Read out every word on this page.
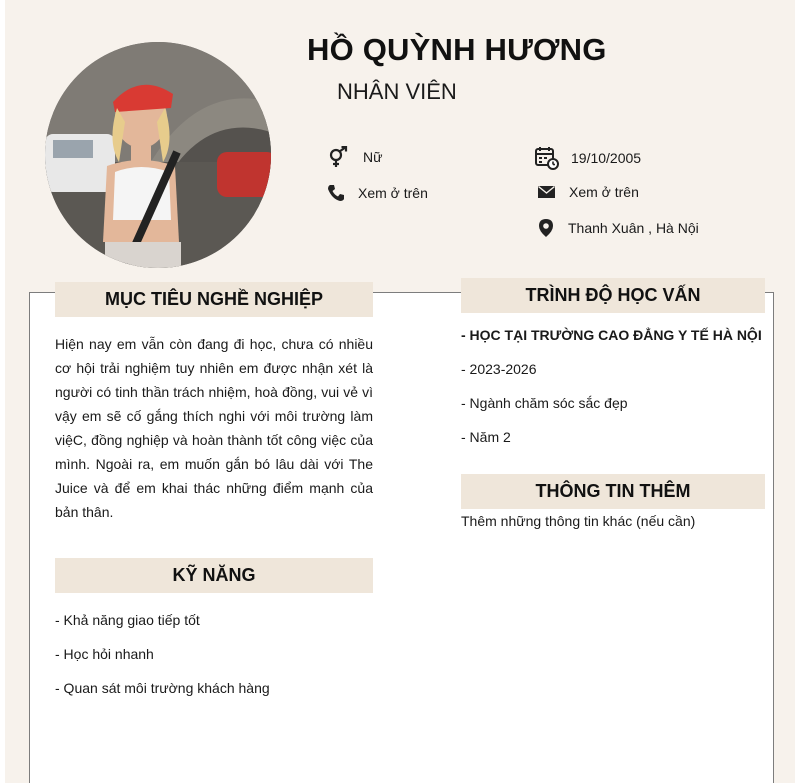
HỒ QUỲNH HƯƠNG
NHÂN VIÊN
Nữ	19/10/2005
Xem ở trên	Xem ở trên
Thanh Xuân , Hà Nội
MỤC TIÊU NGHỀ NGHIỆP
Hiện nay em vẫn còn đang đi học, chưa có nhiều cơ hội trải nghiệm tuy nhiên em được nhận xét là người có tinh thần trách nhiệm, hoà đồng, vui vẻ vì vậy em sẽ cố gắng thích nghi với môi trường làm việC, đồng nghiệp và hoàn thành tốt công việc của mình. Ngoài ra, em muốn gắn bó lâu dài với The Juice và để em khai thác những điểm mạnh của bản thân.
KỸ NĂNG
- Khả năng giao tiếp tốt
- Học hỏi nhanh
- Quan sát môi trường khách hàng
TRÌNH ĐỘ HỌC VẤN
- HỌC TẠI TRƯỜNG CAO ĐẲNG Y TẾ HÀ NỘI
- 2023-2026
- Ngành chăm sóc sắc đẹp
- Năm 2
THÔNG TIN THÊM
Thêm những thông tin khác (nếu cần)
